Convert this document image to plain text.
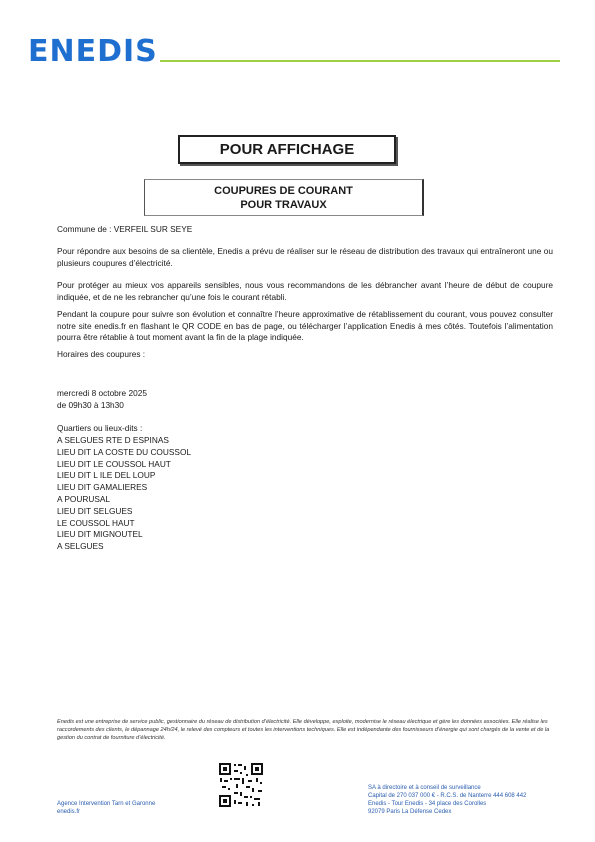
ENEDIS
POUR AFFICHAGE
COUPURES DE COURANT
POUR TRAVAUX
Commune de : VERFEIL SUR SEYE
Pour répondre aux besoins de sa clientèle, Enedis a prévu de réaliser sur le réseau de distribution des travaux qui entraîneront une ou plusieurs coupures d’électricité.
Pour protéger au mieux vos appareils sensibles, nous vous recommandons de les débrancher avant l’heure de début de coupure indiquée, et de ne les rebrancher qu’une fois le courant rétabli.
Pendant la coupure pour suivre son évolution et connaître l’heure approximative de rétablissement du courant, vous pouvez consulter notre site enedis.fr en flashant le QR CODE en bas de page, ou télécharger l’application Enedis à mes côtés. Toutefois l’alimentation pourra être rétablie à tout moment avant la fin de la plage indiquée.
Horaires des coupures :
mercredi 8 octobre 2025
de 09h30 à 13h30
Quartiers ou lieux-dits :
A SELGUES RTE D ESPINAS
LIEU DIT LA COSTE DU COUSSOL
LIEU DIT LE COUSSOL HAUT
LIEU DIT L ILE DEL LOUP
LIEU DIT GAMALIERES
A POURUSAL
LIEU DIT SELGUES
LE COUSSOL HAUT
LIEU DIT MIGNOUTEL
A SELGUES
Enedis est une entreprise de service public, gestionnaire du réseau de distribution d’électricité. Elle développe, exploite, modernise le réseau électrique et gère les données associées. Elle réalise les raccordements des clients, le dépannage 24h/24, le relevé des compteurs et toutes les interventions techniques. Elle est indépendante des fournisseurs d’énergie qui sont chargés de la vente et de la gestion du contrat de fourniture d’électricité.
Agence Intervention Tarn et Garonne
enedis.fr
SA à directoire et à conseil de surveillance
Capital de 270 037 000 € - R.C.S. de Nanterre 444 608 442
Enedis - Tour Enedis - 34 place des Corolles
92079 Paris La Défense Cedex
